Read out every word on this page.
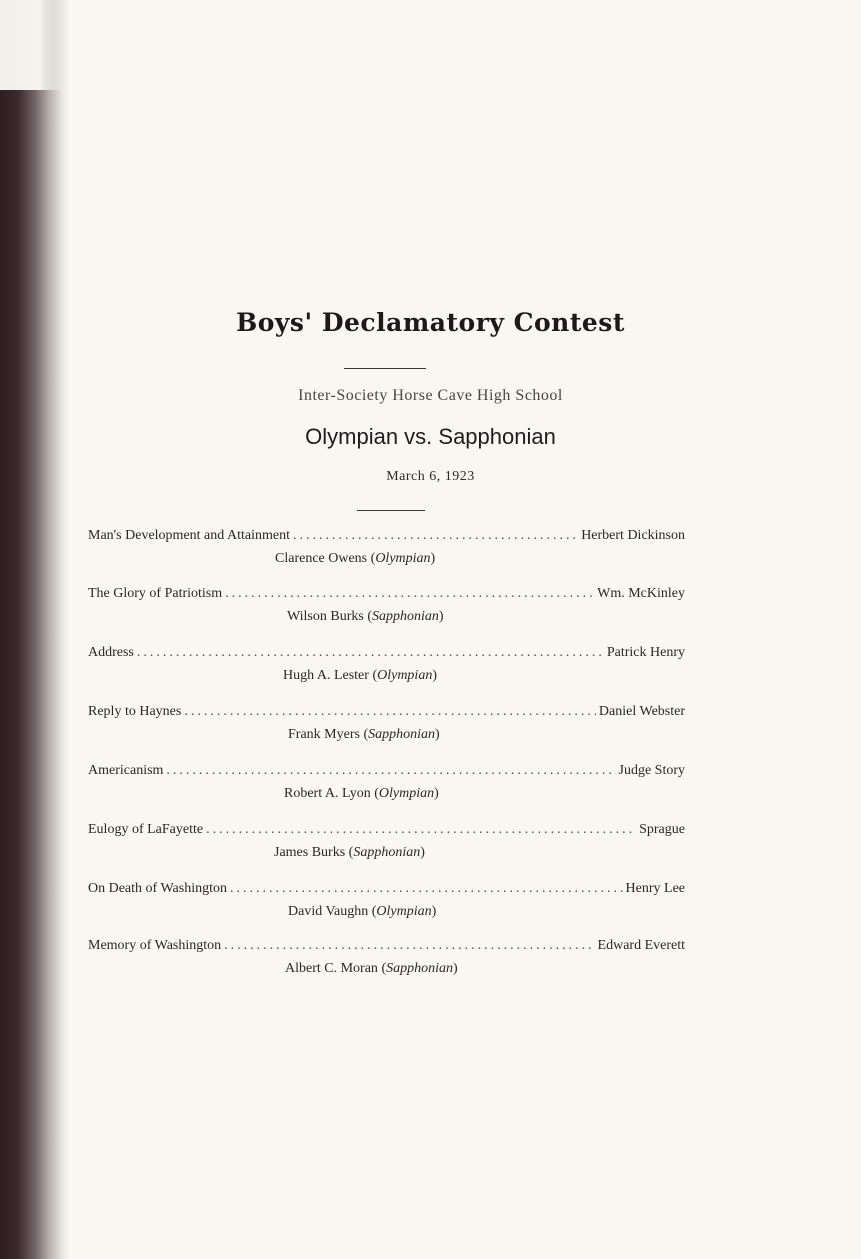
Boys' Declamatory Contest
Inter-Society Horse Cave High School
Olympian vs. Sapphonian
March 6, 1923
Man's Development and Attainment .....	Herbert Dickinson
Clarence Owens (Olympian)
The Glory of Patriotism .....	Wm. McKinley
Wilson Burks (Sapphonian)
Address .....	Patrick Henry
Hugh A. Lester (Olympian)
Reply to Haynes .....	Daniel Webster
Frank Myers (Sapphonian)
Americanism .....	Judge Story
Robert A. Lyon (Olympian)
Eulogy of LaFayette .....	Sprague
James Burks (Sapphonian)
On Death of Washington .....	Henry Lee
David Vaughn (Olympian)
Memory of Washington .....	Edward Everett
Albert C. Moran (Sapphonian)
